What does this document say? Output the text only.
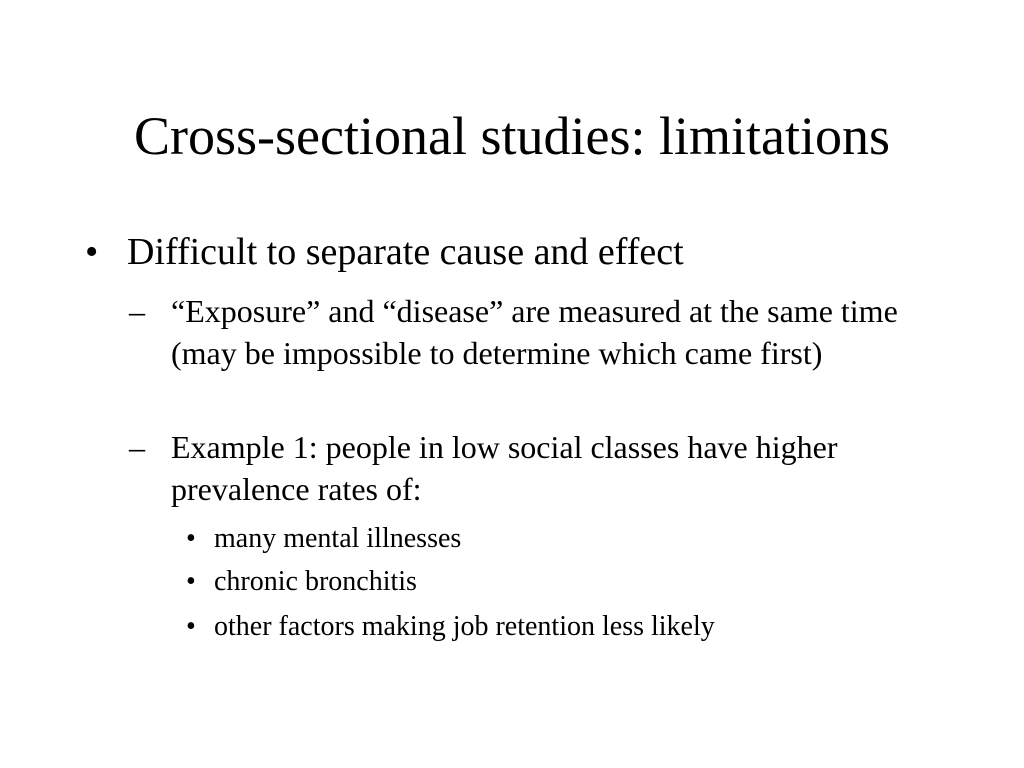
Cross-sectional studies: limitations
• Difficult to separate cause and effect
– “Exposure” and “disease” are measured at the same time (may be impossible to determine which came first)
– Example 1: people in low social classes have higher prevalence rates of:
• many mental illnesses
• chronic bronchitis
• other factors making job retention less likely
